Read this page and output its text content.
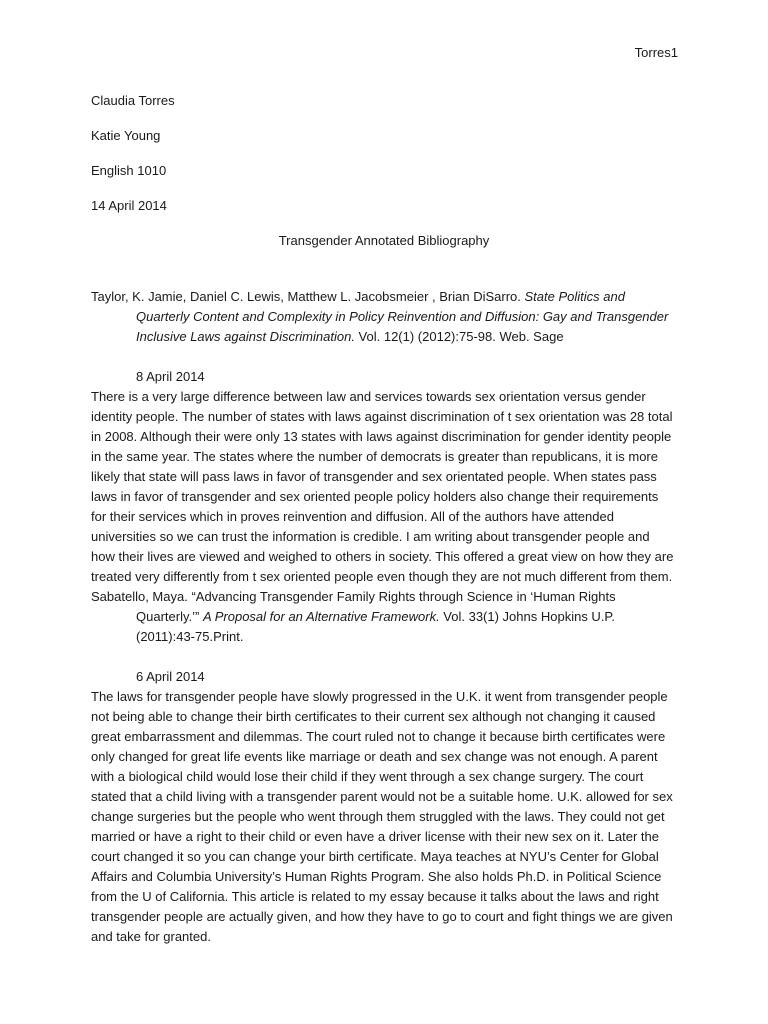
Torres1
Claudia Torres
Katie Young
English 1010
14 April 2014
Transgender Annotated Bibliography

Taylor, K. Jamie, Daniel C. Lewis, Matthew L. Jacobsmeier , Brian DiSarro. State Politics and Quarterly Content and Complexity in Policy Reinvention and Diffusion: Gay and Transgender Inclusive Laws against Discrimination. Vol. 12(1) (2012):75-98. Web. Sage

8 April 2014

There is a very large difference between law and services towards sex orientation versus gender identity people. The number of states with laws against discrimination of t sex orientation was 28 total in 2008. Although their were only 13 states with laws against discrimination for gender identity people in the same year. The states where the number of democrats is greater than republicans, it is more likely that state will pass laws in favor of transgender and sex orientated people. When states pass laws in favor of transgender and sex oriented people policy holders also change their requirements for their services which in proves reinvention and diffusion. All of the authors have attended universities so we can trust the information is credible. I am writing about transgender people and how their lives are viewed and weighed to others in society. This offered a great view on how they are treated very differently from t sex oriented people even though they are not much different from them.

Sabatello, Maya. “Advancing Transgender Family Rights through Science in ‘Human Rights Quarterly.’” A Proposal for an Alternative Framework. Vol. 33(1) Johns Hopkins U.P. (2011):43-75.Print.

6 April 2014

The laws for transgender people have slowly progressed in the U.K. it went from transgender people not being able to change their birth certificates to their current sex although not changing it caused great embarrassment and dilemmas. The court ruled not to change it because birth certificates were only changed for great life events like marriage or death and sex change was not enough. A parent with a biological child would lose their child if they went through a sex change surgery. The court stated that a child living with a transgender parent would not be a suitable home. U.K. allowed for sex change surgeries but the people who went through them struggled with the laws. They could not get married or have a right to their child or even have a driver license with their new sex on it. Later the court changed it so you can change your birth certificate. Maya teaches at NYU’s Center for Global Affairs and Columbia University’s Human Rights Program. She also holds Ph.D. in Political Science from the U of California. This article is related to my essay because it talks about the laws and right transgender people are actually given, and how they have to go to court and fight things we are given and take for granted.
